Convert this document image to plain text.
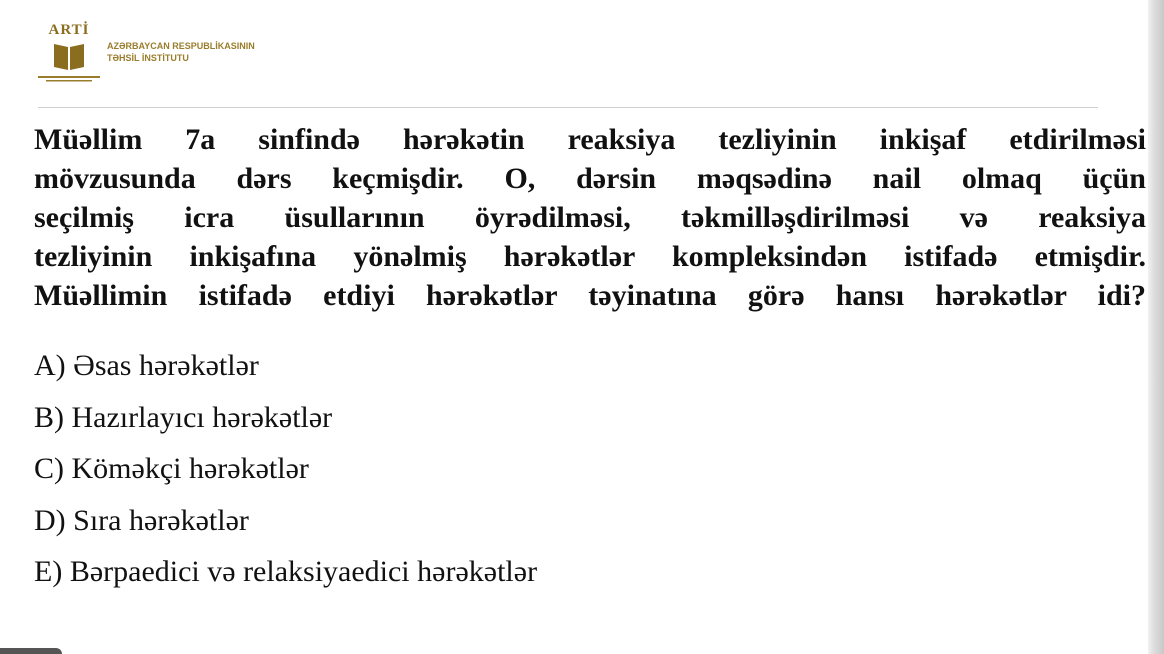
ARTİ
AZƏRBAYCAN RESPUBLİKASININ
TƏHSİL İNSTİTUTU
Müəllim 7a sinfində hərəkətin reaksiya tezliyinin inkişaf etdirilməsi
mövzusunda dərs keçmişdir. O, dərsin məqsədinə nail olmaq üçün
seçilmiş icra üsullarının öyrədilməsi, təkmilləşdirilməsi və reaksiya
tezliyinin inkişafına yönəlmiş hərəkətlər kompleksindən istifadə etmişdir.
Müəllimin istifadə etdiyi hərəkətlər təyinatına görə hansı hərəkətlər idi?
A) Əsas hərəkətlər
B) Hazırlayıcı hərəkətlər
C) Köməkçi hərəkətlər
D) Sıra hərəkətlər
E) Bərpaedici və relaksiyaedici hərəkətlər
